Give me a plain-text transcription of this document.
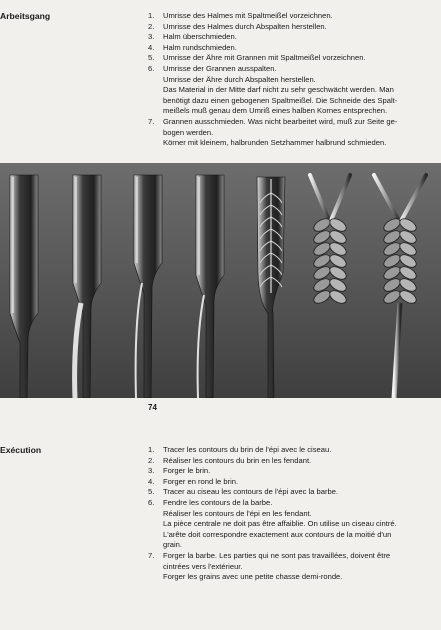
Arbeitsgang	1. Umrisse des Halmes mit Spaltmeißel vorzeichnen.
2. Umrisse des Halmes durch Abspalten herstellen.
3. Halm überschmieden.
4. Halm rundschmieden.
5. Umrisse der Ähre mit Grannen mit Spaltmeißel vorzeichnen.
6. Umrisse der Grannen ausspalten.
Umrisse der Ähre durch Abspalten herstellen.
Das Material in der Mitte darf nicht zu sehr geschwächt werden. Man
benötigt dazu einen gebogenen Spaltmeißel. Die Schneide des Spalt-
meißels muß genau dem Umriß eines halben Kornes entsprechen.
7. Grannen ausschmieden. Was nicht bearbeitet wird, muß zur Seite ge-
bogen werden.
Körner mit kleinem, halbrunden Setzhammer halbrund schmieden.
74
Exécution	1. Tracer les contours du brin de l'épi avec le ciseau.
2. Réaliser les contours du brin en les fendant.
3. Forger le brin.
4. Forger en rond le brin.
5. Tracer au ciseau les contours de l'épi avec la barbe.
6. Fendre les contours de la barbe.
Réaliser les contours de l'épi en les fendant.
La pièce centrale ne doit pas être affaiblie. On utilise un ciseau cintré.
L'arête doit correspondre exactement aux contours de la moitié d'un
grain.
7. Forger la barbe. Les parties qui ne sont pas travaillées, doivent être
cintrées vers l'extérieur.
Forger les grains avec une petite chasse demi-ronde.
